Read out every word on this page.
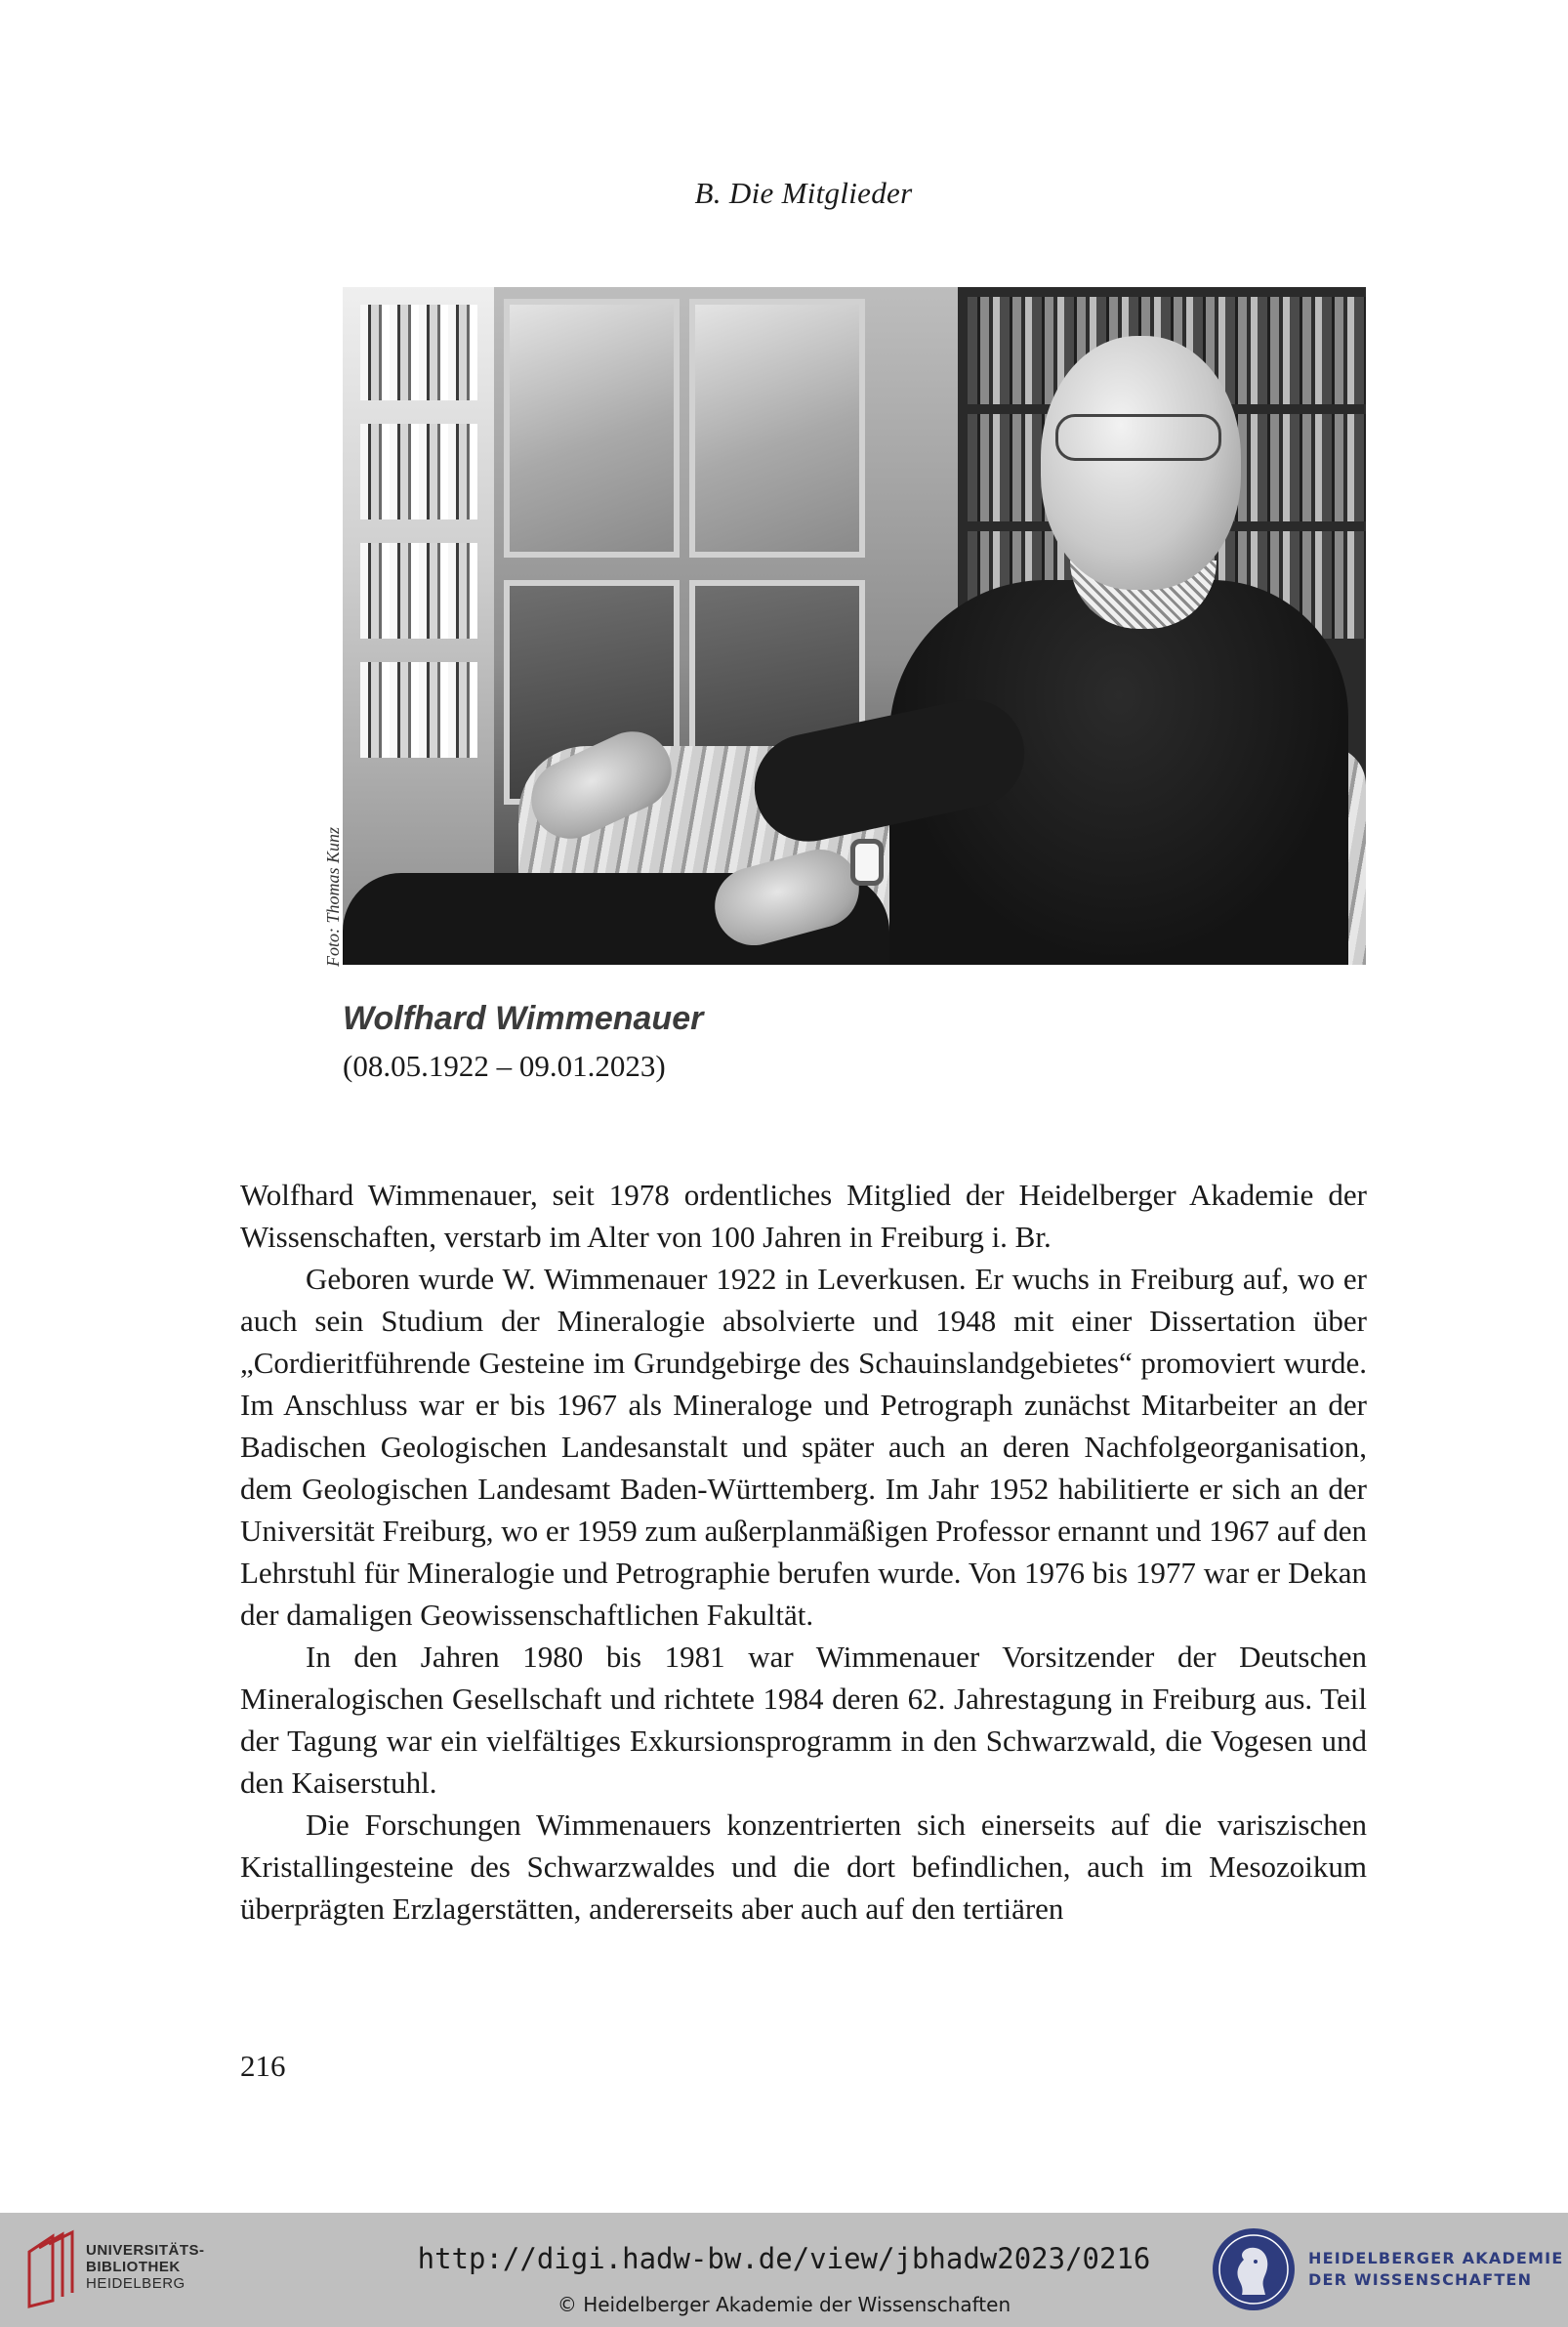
B. Die Mitglieder
Foto: Thomas Kunz
Wolfhard Wimmenauer
(08.05.1922 – 09.01.2023)

Wolfhard Wimmenauer, seit 1978 ordentliches Mitglied der Heidelberger Akademie der Wissenschaften, verstarb im Alter von 100 Jahren in Freiburg i. Br.

Geboren wurde W. Wimmenauer 1922 in Leverkusen. Er wuchs in Freiburg auf, wo er auch sein Studium der Mineralogie absolvierte und 1948 mit einer Dissertation über „Cordieritführende Gesteine im Grundgebirge des Schauinslandgebietes“ promoviert wurde. Im Anschluss war er bis 1967 als Mineraloge und Petrograph zunächst Mitarbeiter an der Badischen Geologischen Landesanstalt und später auch an deren Nachfolgeorganisation, dem Geologischen Landesamt Baden-Württemberg. Im Jahr 1952 habilitierte er sich an der Universität Freiburg, wo er 1959 zum außerplanmäßigen Professor ernannt und 1967 auf den Lehrstuhl für Mineralogie und Petrographie berufen wurde. Von 1976 bis 1977 war er Dekan der damaligen Geowissenschaftlichen Fakultät.

In den Jahren 1980 bis 1981 war Wimmenauer Vorsitzender der Deutschen Mineralogischen Gesellschaft und richtete 1984 deren 62. Jahrestagung in Freiburg aus. Teil der Tagung war ein vielfältiges Exkursionsprogramm in den Schwarzwald, die Vogesen und den Kaiserstuhl.

Die Forschungen Wimmenauers konzentrierten sich einerseits auf die variszischen Kristallingesteine des Schwarzwaldes und die dort befindlichen, auch im Mesozoikum überprägten Erzlagerstätten, andererseits aber auch auf den tertiären

216
UNIVERSITÄTS-
BIBLIOTHEK
HEIDELBERG
http://digi.hadw-bw.de/view/jbhadw2023/0216
© Heidelberger Akademie der Wissenschaften
HEIDELBERGER AKADEMIE
DER WISSENSCHAFTEN
